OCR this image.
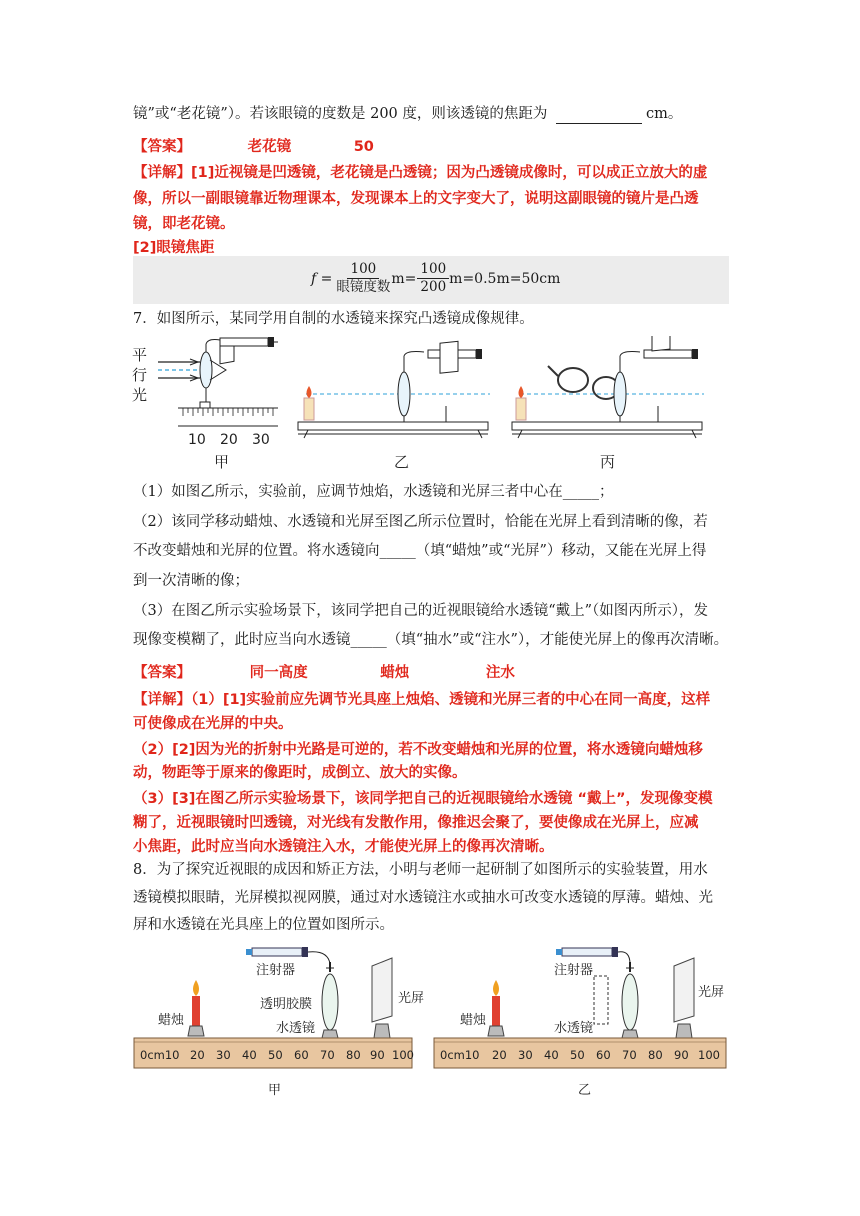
镜”或“老花镜”）。若该眼镜的度数是 200 度，则该透镜的焦距为	cm。
【答案】	老花镜	50
【详解】[1]近视镜是凹透镜，老花镜是凸透镜；因为凸透镜成像时，可以成正立放大的虚
像，所以一副眼镜靠近物理课本，发现课本上的文字变大了，说明这副眼镜的镜片是凸透
镜，即老花镜。
[2]眼镜焦距
$f = \frac{100}{\text{眼镜度数}} m= \frac{100}{200} m=0.5m=50cm$
7．如图所示，某同学用自制的水透镜来探究凸透镜成像规律。
平
行
光
10 20 30
甲	乙	丙
（1）如图乙所示，实验前，应调节烛焰，水透镜和光屏三者中心在_____；
（2）该同学移动蜡烛、水透镜和光屏至图乙所示位置时，恰能在光屏上看到清晰的像，若
不改变蜡烛和光屏的位置。将水透镜向_____（填“蜡烛”或“光屏”）移动，又能在光屏上得
到一次清晰的像；
（3）在图乙所示实验场景下，该同学把自己的近视眼镜给水透镜“戴上”（如图丙所示），发
现像变模糊了，此时应当向水透镜_____（填“抽水”或“注水”），才能使光屏上的像再次清晰。
【答案】	同一高度	蜡烛	注水
【详解】（1）[1]实验前应先调节光具座上烛焰、透镜和光屏三者的中心在同一高度，这样
可使像成在光屏的中央。
（2）[2]因为光的折射中光路是可逆的，若不改变蜡烛和光屏的位置，将水透镜向蜡烛移
动，物距等于原来的像距时，成倒立、放大的实像。
（3）[3]在图乙所示实验场景下，该同学把自己的近视眼镜给水透镜 “戴上”，发现像变模
糊了，近视眼镜时凹透镜，对光线有发散作用，像推迟会聚了，要使像成在光屏上，应减
小焦距，此时应当向水透镜注入水，才能使光屏上的像再次清晰。
8．为了探究近视眼的成因和矫正方法，小明与老师一起研制了如图所示的实验装置，用水
透镜模拟眼睛，光屏模拟视网膜，通过对水透镜注水或抽水可改变水透镜的厚薄。蜡烛、光
屏和水透镜在光具座上的位置如图所示。
注射器
透明胶膜
水透镜
蜡烛
光屏
0cm10 20 30 40 50 60 70 80 90 100
甲
注射器
水透镜
蜡烛
光屏
0cm10 20 30 40 50 60 70 80 90 100
乙
